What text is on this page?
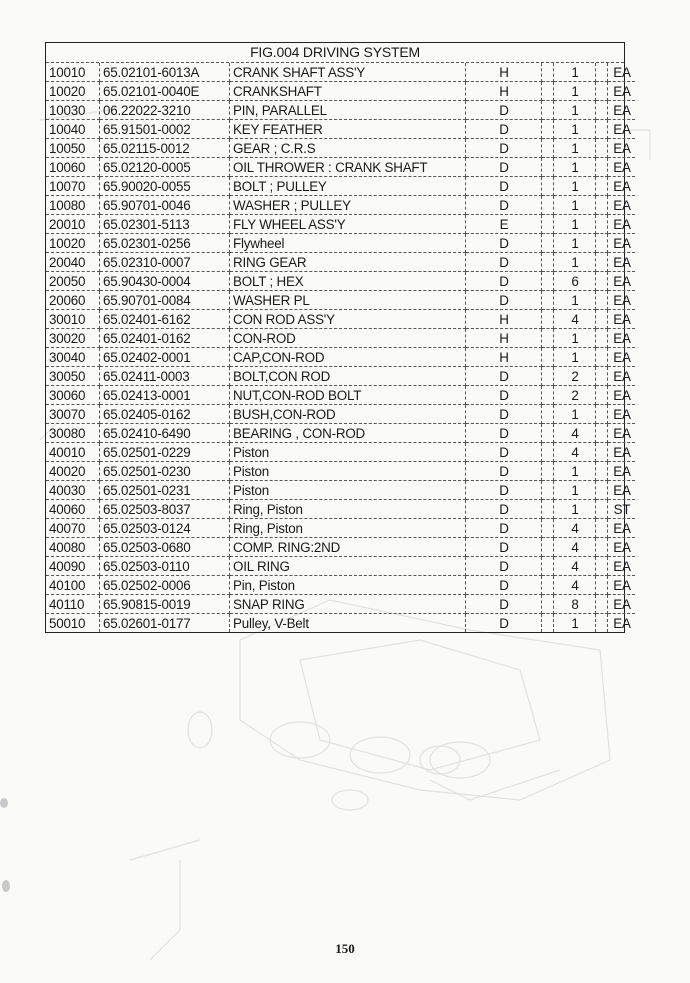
FIG.004 DRIVING SYSTEM
10010	65.02101-6013A	CRANK SHAFT ASS'Y	H		1		EA
10020	65.02101-0040E	CRANKSHAFT	H		1		EA
10030	06.22022-3210	PIN, PARALLEL	D		1		EA
10040	65.91501-0002	KEY FEATHER	D		1		EA
10050	65.02115-0012	GEAR ; C.R.S	D		1		EA
10060	65.02120-0005	OIL THROWER : CRANK SHAFT	D		1		EA
10070	65.90020-0055	BOLT ; PULLEY	D		1		EA
10080	65.90701-0046	WASHER ; PULLEY	D		1		EA
20010	65.02301-5113	FLY WHEEL ASS'Y	E		1		EA
10020	65.02301-0256	Flywheel	D		1		EA
20040	65.02310-0007	RING GEAR	D		1		EA
20050	65.90430-0004	BOLT ; HEX	D		6		EA
20060	65.90701-0084	WASHER PL	D		1		EA
30010	65.02401-6162	CON ROD ASS'Y	H		4		EA
30020	65.02401-0162	CON-ROD	H		1		EA
30040	65.02402-0001	CAP,CON-ROD	H		1		EA
30050	65.02411-0003	BOLT,CON ROD	D		2		EA
30060	65.02413-0001	NUT,CON-ROD BOLT	D		2		EA
30070	65.02405-0162	BUSH,CON-ROD	D		1		EA
30080	65.02410-6490	BEARING , CON-ROD	D		4		EA
40010	65.02501-0229	Piston	D		4		EA
40020	65.02501-0230	Piston	D		1		EA
40030	65.02501-0231	Piston	D		1		EA
40060	65.02503-8037	Ring, Piston	D		1		ST
40070	65.02503-0124	Ring, Piston	D		4		EA
40080	65.02503-0680	COMP. RING:2ND	D		4		EA
40090	65.02503-0110	OIL RING	D		4		EA
40100	65.02502-0006	Pin, Piston	D		4		EA
40110	65.90815-0019	SNAP RING	D		8		EA
50010	65.02601-0177	Pulley, V-Belt	D		1		EA
150
